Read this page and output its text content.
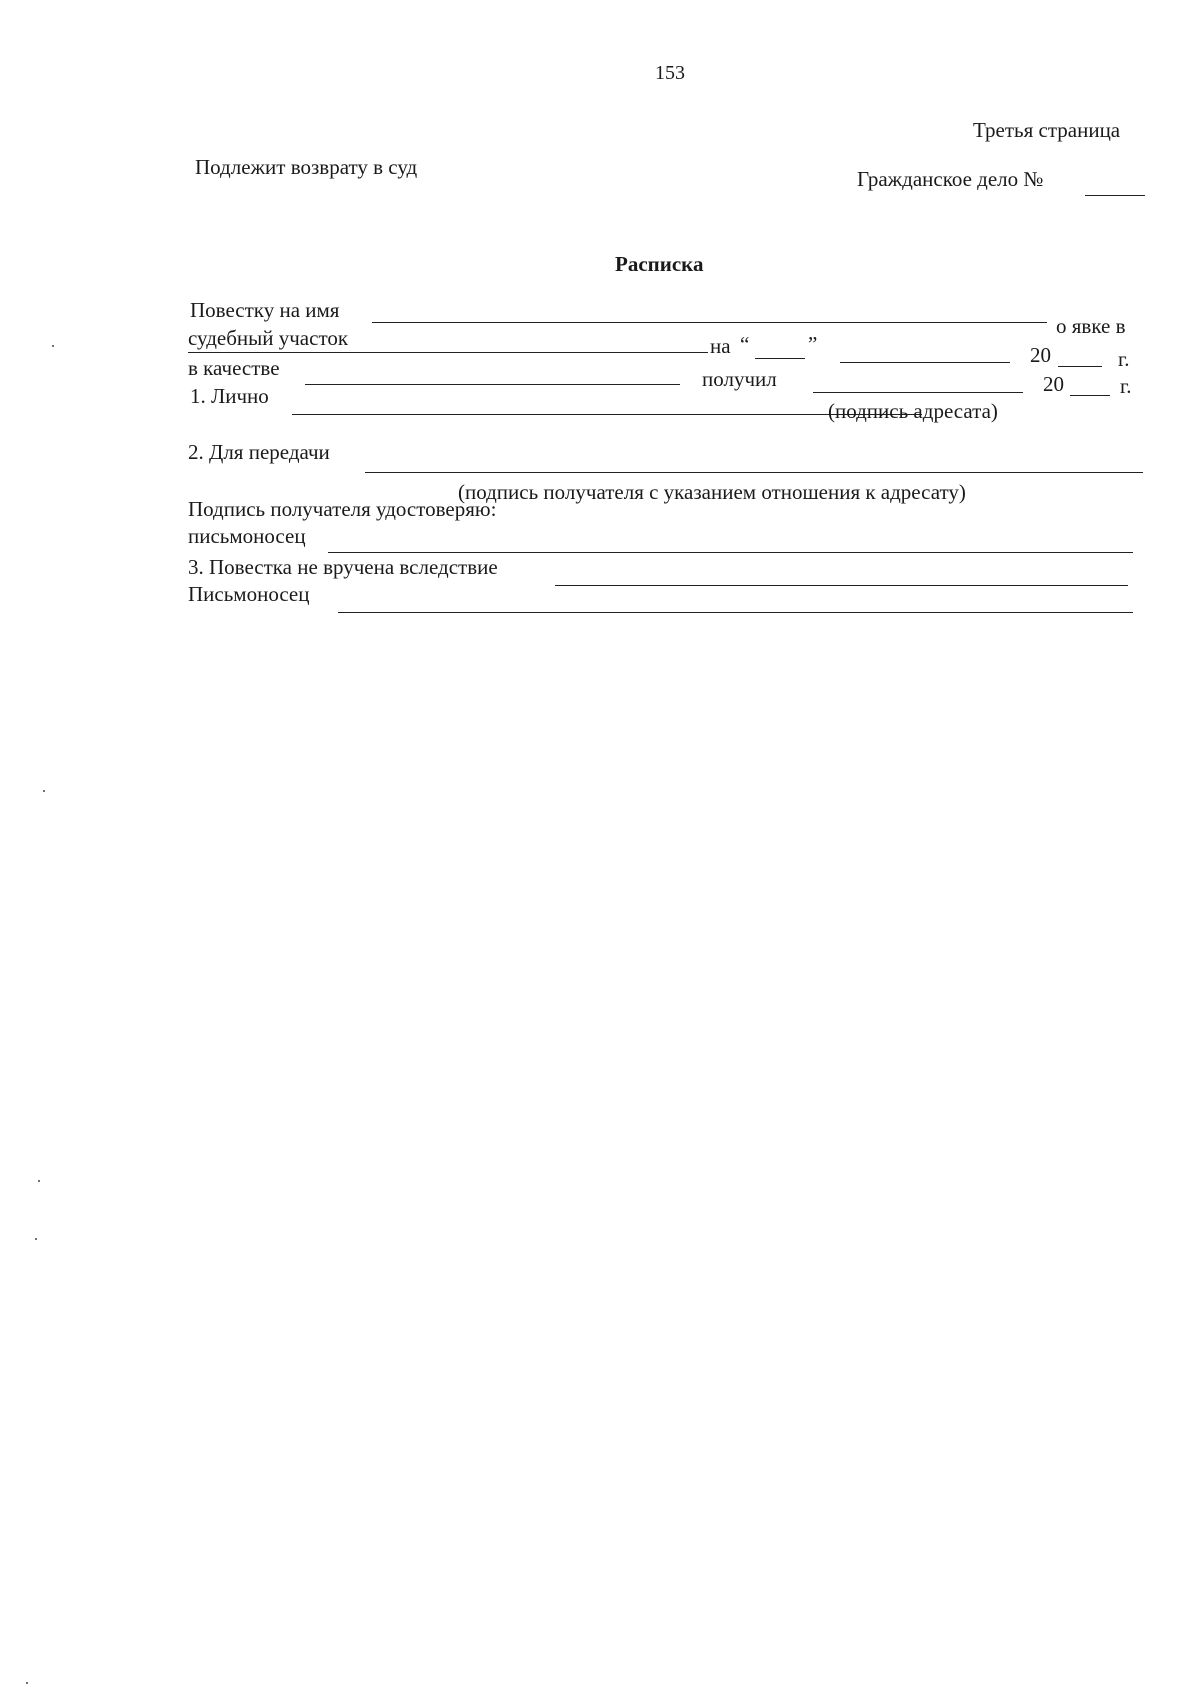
153
Третья страница
Подлежит возврату в суд	Гражданское дело №
Расписка
Повестку на имя
о явке в
судебный участок	на “	”	20	г.
в качестве	получил	20	г.
1. Лично
(подпись адресата)
2. Для передачи
(подпись получателя с указанием отношения к адресату)
Подпись получателя удостоверяю:
письмоносец
3. Повестка не вручена вследствие
Письмоносец
